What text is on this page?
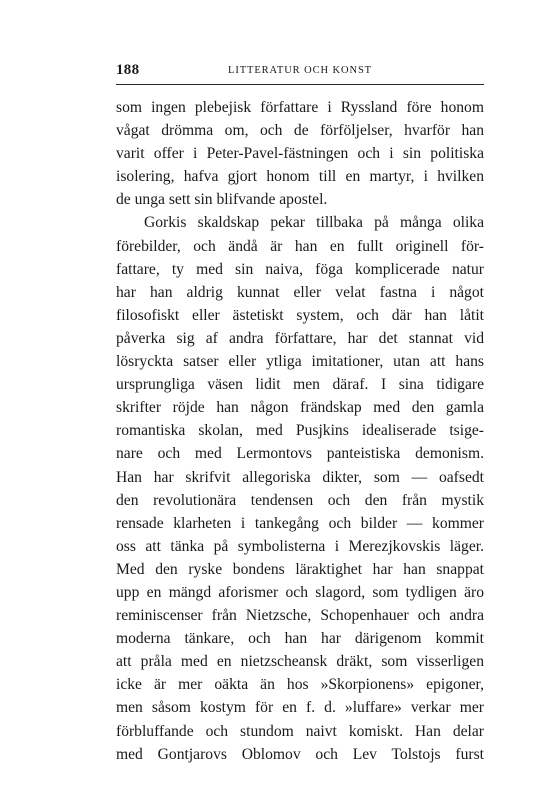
188	LITTERATUR OCH KONST
som ingen plebejisk författare i Ryssland före honom
vågat drömma om, och de förföljelser, hvarför han
varit offer i Peter-Pavel-fästningen och i sin politiska
isolering, hafva gjort honom till en martyr, i hvilken
de unga sett sin blifvande apostel.
Gorkis skaldskap pekar tillbaka på många olika
förebilder, och ändå är han en fullt originell för-
fattare, ty med sin naiva, föga komplicerade natur
har han aldrig kunnat eller velat fastna i något
filosofiskt eller ästetiskt system, och där han låtit
påverka sig af andra författare, har det stannat vid
lösryckta satser eller ytliga imitationer, utan att hans
ursprungliga väsen lidit men däraf. I sina tidigare
skrifter röjde han någon frändskap med den gamla
romantiska skolan, med Pusjkins idealiserade tsige-
nare och med Lermontovs panteistiska demonism.
Han har skrifvit allegoriska dikter, som — oafsedt
den revolutionära tendensen och den från mystik
rensade klarheten i tankegång och bilder — kommer
oss att tänka på symbolisterna i Merezjkovskis läger.
Med den ryske bondens läraktighet har han snappat
upp en mängd aforismer och slagord, som tydligen äro
reminiscenser från Nietzsche, Schopenhauer och andra
moderna tänkare, och han har därigenom kommit
att pråla med en nietzscheansk dräkt, som visserligen
icke är mer oäkta än hos »Skorpionens» epigoner,
men såsom kostym för en f. d. »luffare» verkar mer
förbluffande och stundom naivt komiskt. Han delar
med Gontjarovs Oblomov och Lev Tolstojs furst
